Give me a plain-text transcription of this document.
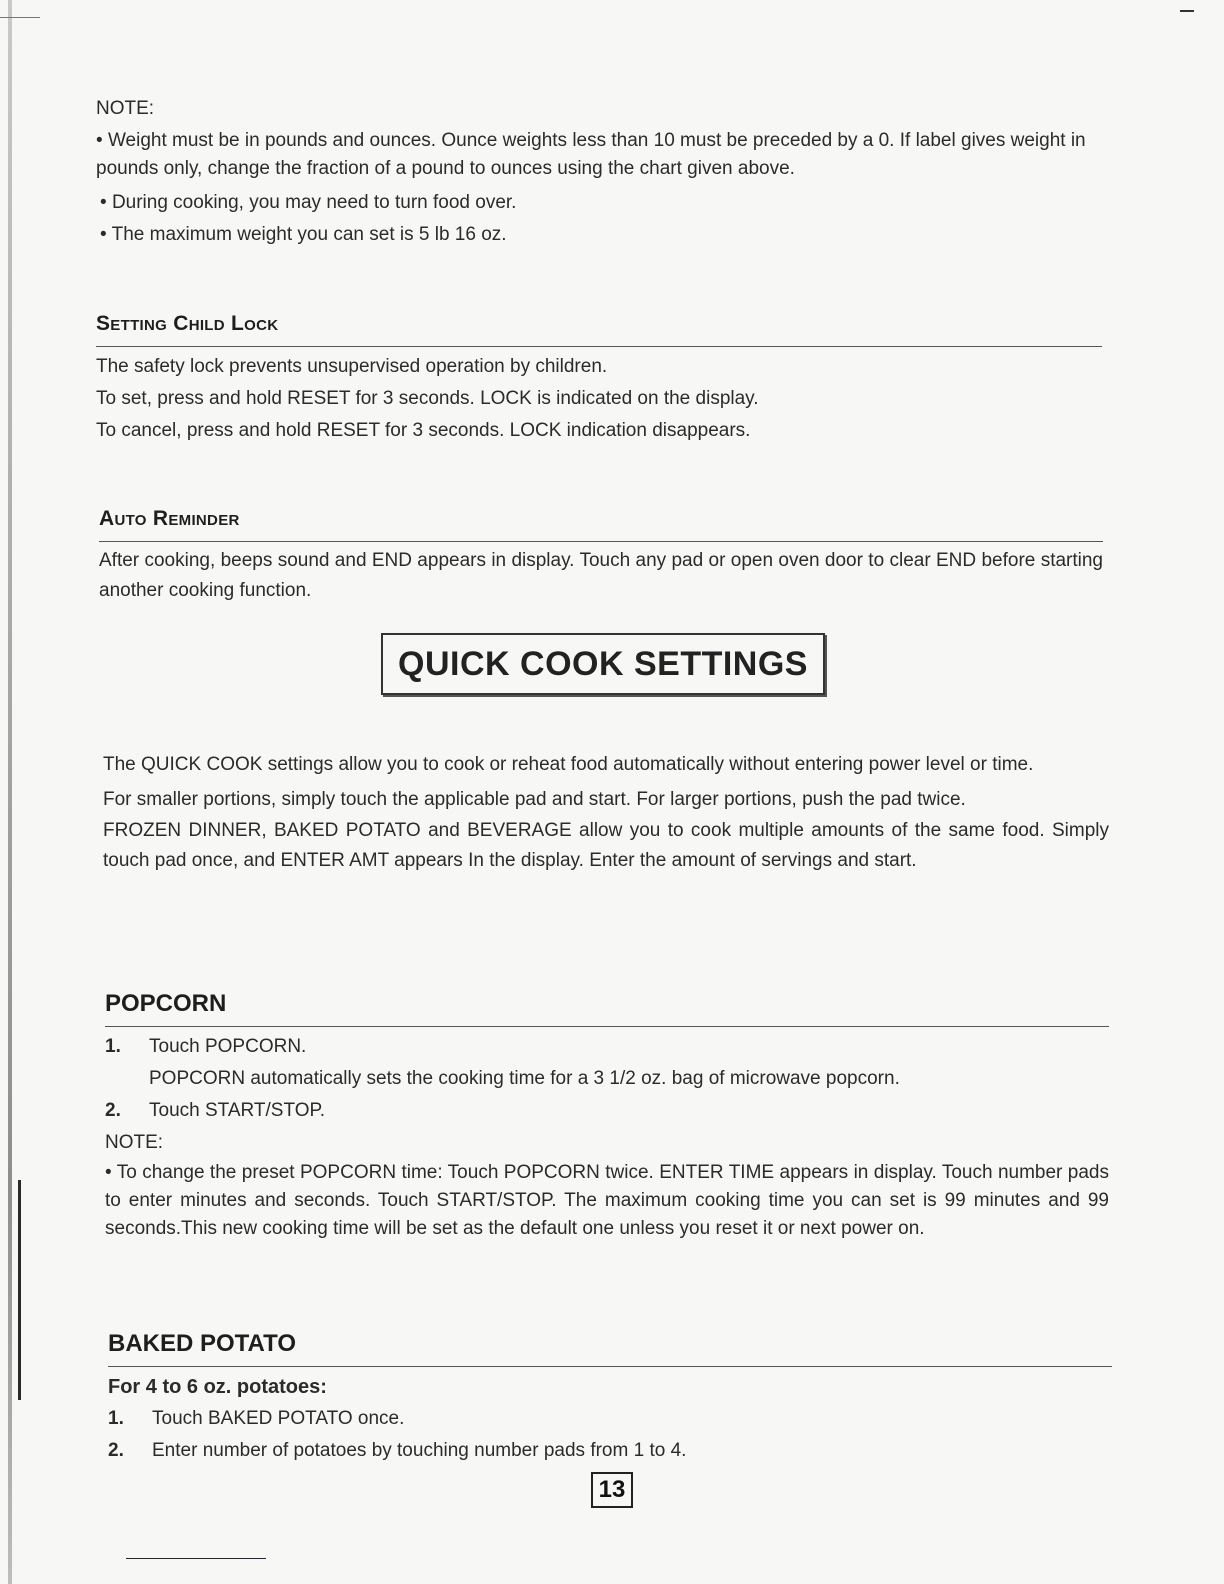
NOTE:

• Weight must be in pounds and ounces. Ounce weights less than 10 must be preceded by a 0. If label gives weight in pounds only, change the fraction of a pound to ounces using the chart given above.

• During cooking, you may need to turn food over.

• The maximum weight you can set is 5 lb 16 oz.

Setting Child Lock

The safety lock prevents unsupervised operation by children.

To set, press and hold RESET for 3 seconds. LOCK is indicated on the display.

To cancel, press and hold RESET for 3 seconds. LOCK indication disappears.

Auto Reminder

After cooking, beeps sound and END appears in display. Touch any pad or open oven door to clear END before starting another cooking function.

QUICK COOK SETTINGS

The QUICK COOK settings allow you to cook or reheat food automatically without entering power level or time.

For smaller portions, simply touch the applicable pad and start. For larger portions, push the pad twice.

FROZEN DINNER, BAKED POTATO and BEVERAGE allow you to cook multiple amounts of the same food. Simply touch pad once, and ENTER AMT appears In the display. Enter the amount of servings and start.

POPCORN

1. Touch POPCORN.

POPCORN automatically sets the cooking time for a 3 1/2 oz. bag of microwave popcorn.

2. Touch START/STOP.

NOTE:

• To change the preset POPCORN time: Touch POPCORN twice. ENTER TIME appears in display. Touch number pads to enter minutes and seconds. Touch START/STOP. The maximum cooking time you can set is 99 minutes and 99 seconds.This new cooking time will be set as the default one unless you reset it or next power on.

BAKED POTATO

For 4 to 6 oz. potatoes:

1. Touch BAKED POTATO once.

2. Enter number of potatoes by touching number pads from 1 to 4.

13
